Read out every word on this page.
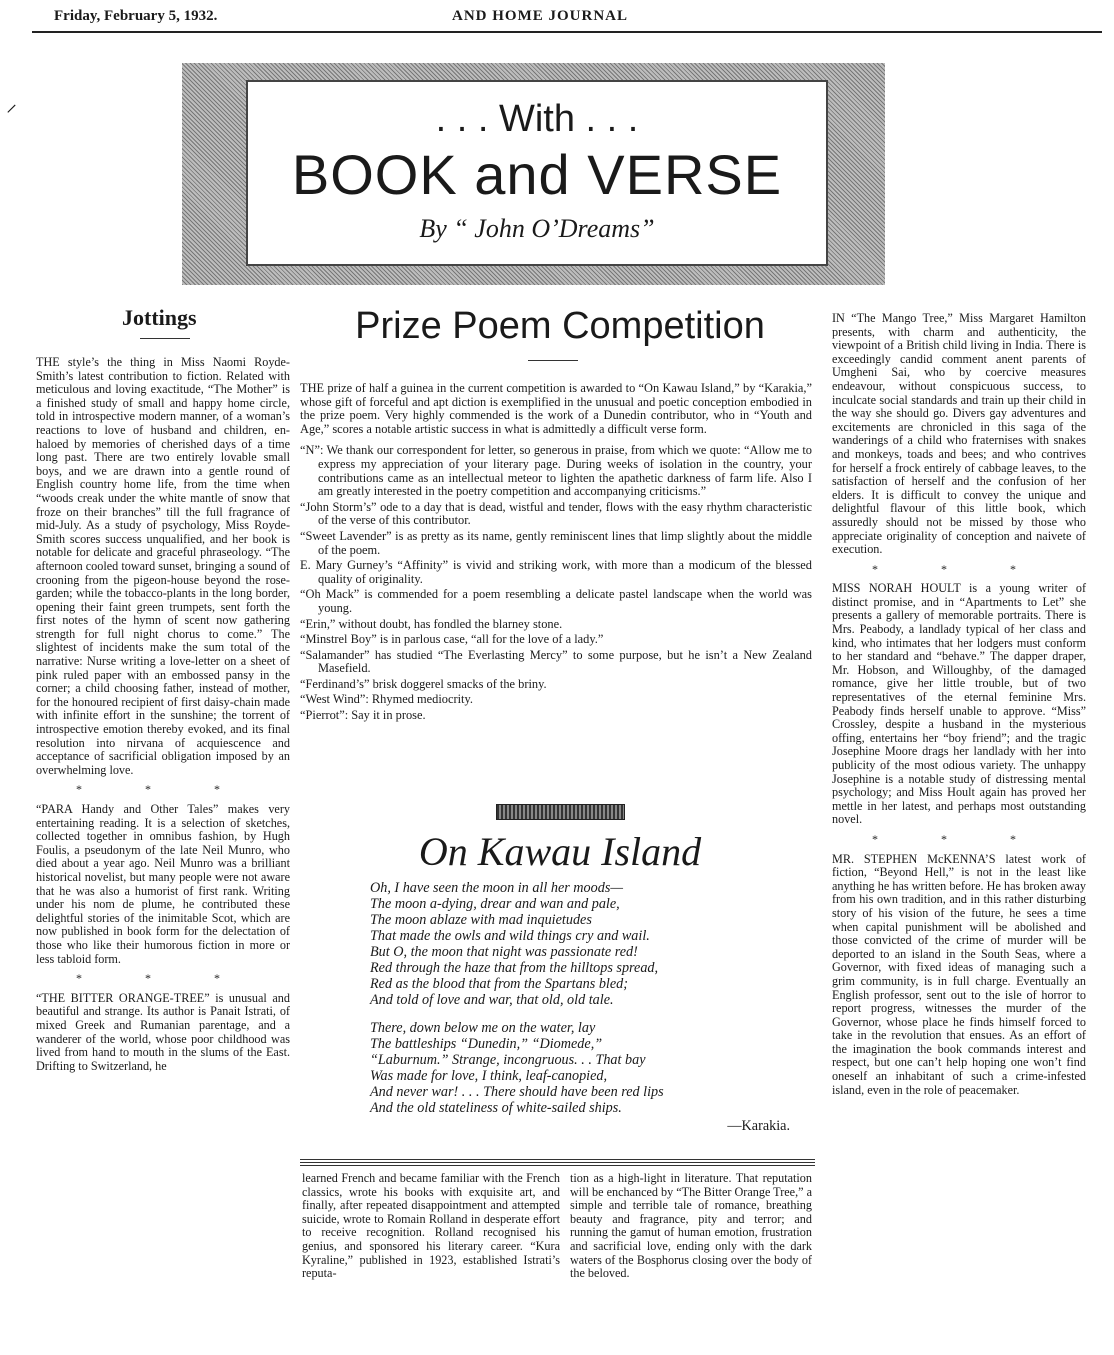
Friday, February 5, 1932.	AND HOME JOURNAL
. . . With . . .
BOOK and VERSE
By “ John O’Dreams”
Jottings

THE style’s the thing in Miss Naomi Royde-Smith’s latest contribution to fiction. Related with meticulous and loving exactitude, “The Mother” is a finished study of small and happy home circle, told in introspective modern manner, of a woman’s reactions to love of husband and children, en-haloed by memories of cherished days of a time long past. There are two entirely lovable small boys, and we are drawn into a gentle round of English country home life, from the time when “woods creak under the white mantle of snow that froze on their branches” till the full fragrance of mid-July. As a study of psychology, Miss Royde-Smith scores success unqualified, and her book is notable for delicate and graceful phraseology. “The afternoon cooled toward sunset, bringing a sound of crooning from the pigeon-house beyond the rose-garden; while the tobacco-plants in the long border, opening their faint green trumpets, sent forth the first notes of the hymn of scent now gathering strength for full night chorus to come.” The slightest of incidents make the sum total of the narrative: Nurse writing a love-letter on a sheet of pink ruled paper with an embossed pansy in the corner; a child choosing father, instead of mother, for the honoured recipient of first daisy-chain made with infinite effort in the sunshine; the torrent of introspective emotion thereby evoked, and its final resolution into nirvana of acquiescence and acceptance of sacrificial obligation imposed by an overwhelming love.

* * *

“PARA Handy and Other Tales” makes very entertaining reading. It is a selection of sketches, collected together in omnibus fashion, by Hugh Foulis, a pseudonym of the late Neil Munro, who died about a year ago. Neil Munro was a brilliant historical novelist, but many people were not aware that he was also a humorist of first rank. Writing under his nom de plume, he contributed these delightful stories of the inimitable Scot, which are now published in book form for the delectation of those who like their humorous fiction in more or less tabloid form.

* * *

“THE BITTER ORANGE-TREE” is unusual and beautiful and strange. Its author is Panait Istrati, of mixed Greek and Rumanian parentage, and a wanderer of the world, whose poor childhood was lived from hand to mouth in the slums of the East. Drifting to Switzerland, he

Prize Poem Competition

THE prize of half a guinea in the current competition is awarded to “On Kawau Island,” by “Karakia,” whose gift of forceful and apt diction is exemplified in the unusual and poetic conception embodied in the prize poem. Very highly commended is the work of a Dunedin contributor, who in “Youth and Age,” scores a notable artistic success in what is admittedly a difficult verse form.

“N”: We thank our correspondent for letter, so generous in praise, from which we quote: “Allow me to express my appreciation of your literary page. During weeks of isolation in the country, your contributions came as an intellectual meteor to lighten the apathetic darkness of farm life. Also I am greatly interested in the poetry competition and accompanying criticisms.”

“John Storm’s” ode to a day that is dead, wistful and tender, flows with the easy rhythm characteristic of the verse of this contributor.

“Sweet Lavender” is as pretty as its name, gently reminiscent lines that limp slightly about the middle of the poem.

E. Mary Gurney’s “Affinity” is vivid and striking work, with more than a modicum of the blessed quality of originality.

“Oh Mack” is commended for a poem resembling a delicate pastel landscape when the world was young.

“Erin,” without doubt, has fondled the blarney stone.

“Minstrel Boy” is in parlous case, “all for the love of a lady.”

“Salamander” has studied “The Everlasting Mercy” to some purpose, but he isn’t a New Zealand Masefield.

“Ferdinand’s” brisk doggerel smacks of the briny.

“West Wind”: Rhymed mediocrity.

“Pierrot”: Say it in prose.

On Kawau Island

Oh, I have seen the moon in all her moods—

The moon a-dying, drear and wan and pale,

The moon ablaze with mad inquietudes

That made the owls and wild things cry and wail.

But O, the moon that night was passionate red!

Red through the haze that from the hilltops spread,

Red as the blood that from the Spartans bled;

And told of love and war, that old, old tale.

There, down below me on the water, lay

The battleships “Dunedin,” “Diomede,”

“Laburnum.” Strange, incongruous. . . That bay

Was made for love, I think, leaf-canopied,

And never war! . . . There should have been red lips

And the old stateliness of white-sailed ships.

—Karakia.

learned French and became familiar with the French classics, wrote his books with exquisite art, and finally, after repeated disappointment and attempted suicide, wrote to Romain Rolland in desperate effort to receive recognition. Rolland recognised his genius, and sponsored his literary career. “Kura Kyraline,” published in 1923, established Istrati’s reputa-

tion as a high-light in literature. That reputation will be enchanced by “The Bitter Orange Tree,” a simple and terrible tale of romance, breathing beauty and fragrance, pity and terror; and running the gamut of human emotion, frustration and sacrificial love, ending only with the dark waters of the Bosphorus closing over the body of the beloved.

IN “The Mango Tree,” Miss Margaret Hamilton presents, with charm and authenticity, the viewpoint of a British child living in India. There is exceedingly candid comment anent parents of Umgheni Sai, who by coercive measures endeavour, without conspicuous success, to inculcate social standards and train up their child in the way she should go. Divers gay adventures and excitements are chronicled in this saga of the wanderings of a child who fraternises with snakes and monkeys, toads and bees; and who contrives for herself a frock entirely of cabbage leaves, to the satisfaction of herself and the confusion of her elders. It is difficult to convey the unique and delightful flavour of this little book, which assuredly should not be missed by those who appreciate originality of conception and naivete of execution.

* * *

MISS NORAH HOULT is a young writer of distinct promise, and in “Apartments to Let” she presents a gallery of memorable portraits. There is Mrs. Peabody, a landlady typical of her class and kind, who intimates that her lodgers must conform to her standard and “behave.” The dapper draper, Mr. Hobson, and Willoughby, of the damaged romance, give her little trouble, but of two representatives of the eternal feminine Mrs. Peabody finds herself unable to approve. “Miss” Crossley, despite a husband in the mysterious offing, entertains her “boy friend”; and the tragic Josephine Moore drags her landlady with her into publicity of the most odious variety. The unhappy Josephine is a notable study of distressing mental psychology; and Miss Hoult again has proved her mettle in her latest, and perhaps most outstanding novel.

* * *

MR. STEPHEN McKENNA’S latest work of fiction, “Beyond Hell,” is not in the least like anything he has written before. He has broken away from his own tradition, and in this rather disturbing story of his vision of the future, he sees a time when capital punishment will be abolished and those convicted of the crime of murder will be deported to an island in the South Seas, where a Governor, with fixed ideas of managing such a grim community, is in full charge. Eventually an English professor, sent out to the isle of horror to report progress, witnesses the murder of the Governor, whose place he finds himself forced to take in the revolution that ensues. As an effort of the imagination the book commands interest and respect, but one can’t help hoping one won’t find oneself an inhabitant of such a crime-infested island, even in the role of peacemaker.

⸝
